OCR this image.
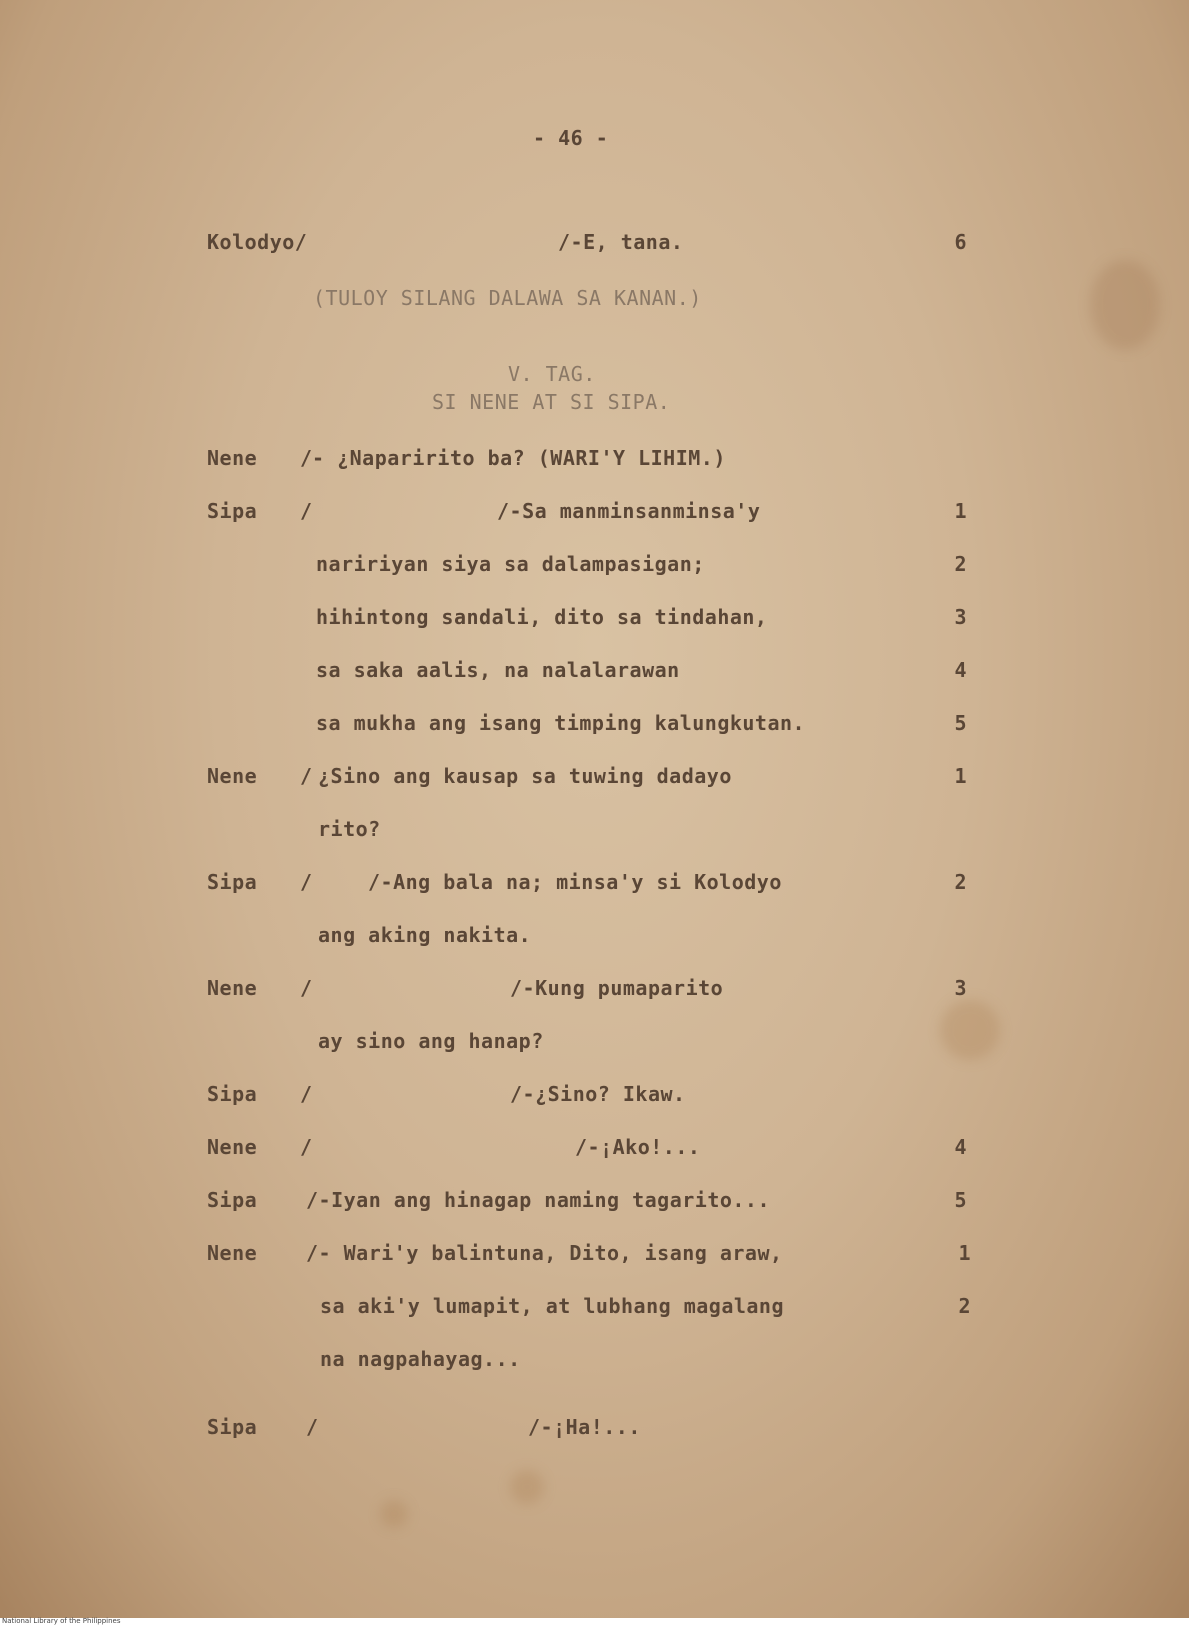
- 46 -
Kolodyo/	/-E, tana.	6
(TULOY SILANG DALAWA SA KANAN.)
V. TAG.
SI NENE AT SI SIPA.
Nene / - ¿Naparirito ba? (WARI'Y LIHIM.)
Sipa /	/-Sa manminsanminsa'y	1
naririyan siya sa dalampasigan;	2
hihintong sandali, dito sa tindahan,	3
sa saka aalis, na nalalarawan	4
sa mukha ang isang timping kalungkutan.	5
Nene / ¿Sino ang kausap sa tuwing dadayo	1
rito?
Sipa /	/-Ang bala na; minsa'y si Kolodyo	2
ang aking nakita.
Nene /	/-Kung pumaparito	3
ay sino ang hanap?
Sipa /	/-¿Sino? Ikaw.
Nene /	/-¡Ako!...	4
Sipa /-Iyan ang hinagap naming tagarito...	5
Nene /- Wari'y balintuna, Dito, isang araw,	1
sa aki'y lumapit, at lubhang magalang	2
na nagpahayag...
Sipa /	/-¡Ha!...
National Library of the Philippines
